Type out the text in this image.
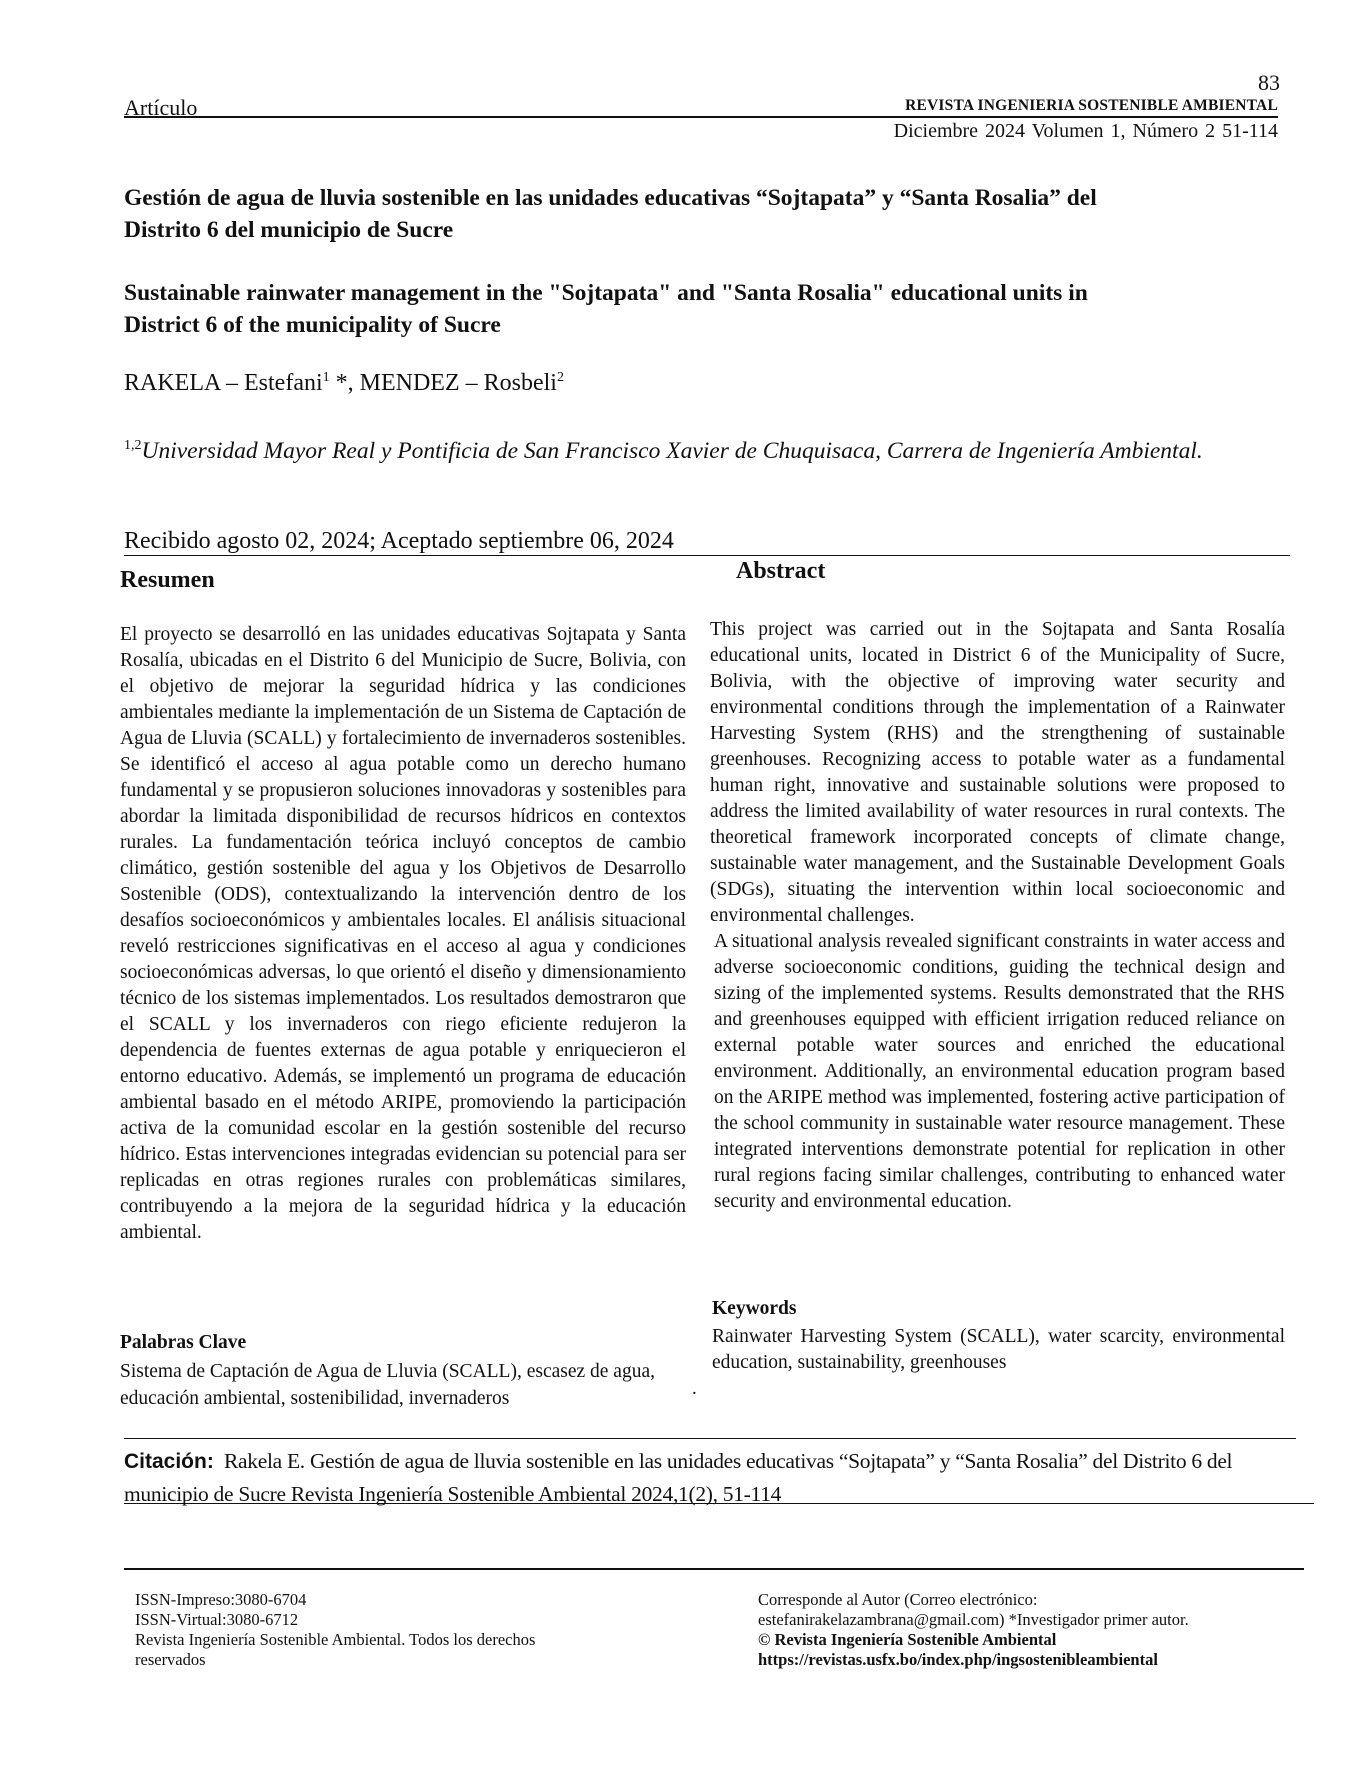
83
Artículo	REVISTA INGENIERIA SOSTENIBLE AMBIENTAL
Diciembre 2024 Volumen 1, Número 2 51-114
Gestión de agua de lluvia sostenible en las unidades educativas “Sojtapata” y “Santa Rosalia” del
Distrito 6 del municipio de Sucre
Sustainable rainwater management in the "Sojtapata" and "Santa Rosalia" educational units in
District 6 of the municipality of Sucre
RAKELA – Estefani$^1$ *, MENDEZ – Rosbeli$^2$
$^{1,2}$Universidad Mayor Real y Pontificia de San Francisco Xavier de Chuquisaca, Carrera de Ingeniería Ambiental.
Recibido agosto 02, 2024; Aceptado septiembre 06, 2024
Resumen
El proyecto se desarrolló en las unidades educativas Sojtapata y Santa Rosalía, ubicadas en el Distrito 6 del Municipio de Sucre, Bolivia, con el objetivo de mejorar la seguridad hídrica y las condiciones ambientales mediante la implementación de un Sistema de Captación de Agua de Lluvia (SCALL) y fortalecimiento de invernaderos sostenibles. Se identificó el acceso al agua potable como un derecho humano fundamental y se propusieron soluciones innovadoras y sostenibles para abordar la limitada disponibilidad de recursos hídricos en contextos rurales. La fundamentación teórica incluyó conceptos de cambio climático, gestión sostenible del agua y los Objetivos de Desarrollo Sostenible (ODS), contextualizando la intervención dentro de los desafíos socioeconómicos y ambientales locales. El análisis situacional reveló restricciones significativas en el acceso al agua y condiciones socioeconómicas adversas, lo que orientó el diseño y dimensionamiento técnico de los sistemas implementados. Los resultados demostraron que el SCALL y los invernaderos con riego eficiente redujeron la dependencia de fuentes externas de agua potable y enriquecieron el entorno educativo. Además, se implementó un programa de educación ambiental basado en el método ARIPE, promoviendo la participación activa de la comunidad escolar en la gestión sostenible del recurso hídrico. Estas intervenciones integradas evidencian su potencial para ser replicadas en otras regiones rurales con problemáticas similares, contribuyendo a la mejora de la seguridad hídrica y la educación ambiental.
Palabras Clave
Sistema de Captación de Agua de Lluvia (SCALL), escasez de agua, educación ambiental, sostenibilidad, invernaderos	.
Abstract

This project was carried out in the Sojtapata and Santa Rosalía educational units, located in District 6 of the Municipality of Sucre, Bolivia, with the objective of improving water security and environmental conditions through the implementation of a Rainwater Harvesting System (RHS) and the strengthening of sustainable greenhouses. Recognizing access to potable water as a fundamental human right, innovative and sustainable solutions were proposed to address the limited availability of water resources in rural contexts. The theoretical framework incorporated concepts of climate change, sustainable water management, and the Sustainable Development Goals (SDGs), situating the intervention within local socioeconomic and environmental challenges.

A situational analysis revealed significant constraints in water access and adverse socioeconomic conditions, guiding the technical design and sizing of the implemented systems. Results demonstrated that the RHS and greenhouses equipped with efficient irrigation reduced reliance on external potable water sources and enriched the educational environment. Additionally, an environmental education program based on the ARIPE method was implemented, fostering active participation of the school community in sustainable water resource management. These integrated interventions demonstrate potential for replication in other rural regions facing similar challenges, contributing to enhanced water security and environmental education.

Keywords
Rainwater Harvesting System (SCALL), water scarcity, environmental education, sustainability, greenhouses
Citación: Rakela E. Gestión de agua de lluvia sostenible en las unidades educativas “Sojtapata” y “Santa Rosalia” del Distrito 6 del municipio de Sucre Revista Ingeniería Sostenible Ambiental 2024,1(2), 51-114
ISSN-Impreso:3080-6704
ISSN-Virtual:3080-6712
Revista Ingeniería Sostenible Ambiental. Todos los derechos
reservados
Corresponde al Autor (Correo electrónico:
estefanirakelazambrana@gmail.com) *Investigador primer autor.
© Revista Ingeniería Sostenible Ambiental
https://revistas.usfx.bo/index.php/ingsostenibleambiental
